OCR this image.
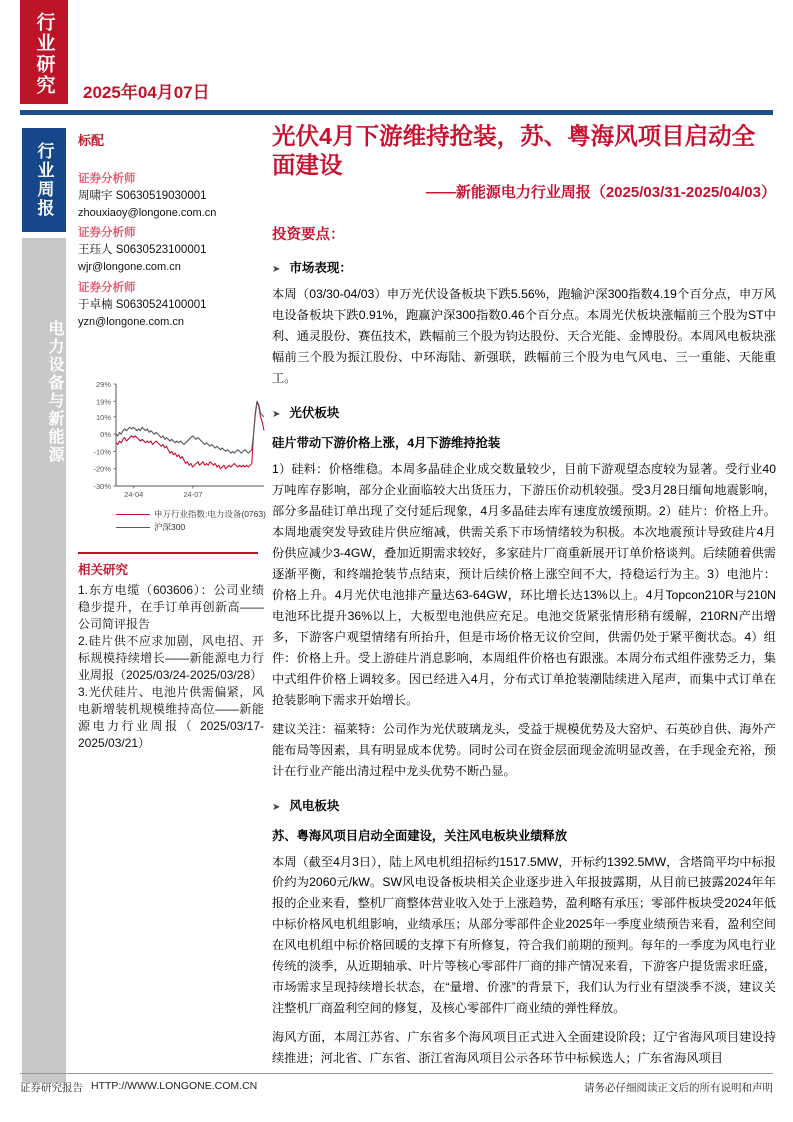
行业研究	2025年04月07日
行业周报
电力设备与新能源
标配
证券分析师
周啸宇 S0630519030001
zhouxiaoy@longone.com.cn
证券分析师
王珏人 S0630523100001
wjr@longone.com.cn
证券分析师
于卓楠 S0630524100001
yzn@longone.com.cn
29%
19%
10%
0%
-10%
-20%
-30%
24-04	24-07
申万行业指数:电力设备(0763)
沪深300
相关研究

1.东方电缆（603606）：公司业绩稳步提升，在手订单再创新高——公司简评报告

2.硅片供不应求加剧，风电招、开标规模持续增长——新能源电力行业周报（2025/03/24-2025/03/28）

3.光伏硅片、电池片供需偏紧，风电新增装机规模维持高位——新能源电力行业周报（ 2025/03/17-2025/03/21）

光伏4月下游维持抢装，苏、粤海风项目启动全面建设
——新能源电力行业周报（2025/03/31-2025/04/03）
投资要点：
➤ 市场表现：

本周（03/30-04/03）申万光伏设备板块下跌5.56%，跑输沪深300指数4.19个百分点，申万风电设备板块下跌0.91%，跑赢沪深300指数0.46个百分点。本周光伏板块涨幅前三个股为ST中利、通灵股份、赛伍技术，跌幅前三个股为钧达股份、天合光能、金博股份。本周风电板块涨幅前三个股为振江股份、中环海陆、新强联，跌幅前三个股为电气风电、三一重能、天能重工。

➤ 光伏板块
硅片带动下游价格上涨，4月下游维持抢装

1）硅料：价格维稳。本周多晶硅企业成交数量较少，目前下游观望态度较为显著。受行业40万吨库存影响，部分企业面临较大出货压力，下游压价动机较强。受3月28日缅甸地震影响，部分多晶硅订单出现了交付延后现象，4月多晶硅去库有速度放缓预期。2）硅片：价格上升。本周地震突发导致硅片供应缩减，供需关系下市场情绪较为积极。本次地震预计导致硅片4月份供应减少3-4GW，叠加近期需求较好，多家硅片厂商重新展开订单价格谈判。后续随着供需逐渐平衡，和终端抢装节点结束，预计后续价格上涨空间不大，持稳运行为主。3）电池片：价格上升。4月光伏电池排产量达63-64GW，环比增长达13%以上。4月Topcon210R与210N电池环比提升36%以上，大板型电池供应充足。电池交货紧张情形稍有缓解，210RN产出增多，下游客户观望情绪有所抬升，但是市场价格无议价空间，供需仍处于紧平衡状态。4）组件：价格上升。受上游硅片消息影响，本周组件价格也有跟涨。本周分布式组件涨势乏力，集中式组件价格上调较多。因已经进入4月，分布式订单抢装潮陆续进入尾声，而集中式订单在抢装影响下需求开始增长。

建议关注：福莱特：公司作为光伏玻璃龙头，受益于规模优势及大窑炉、石英砂自供、海外产能布局等因素，具有明显成本优势。同时公司在资金层面现金流明显改善，在手现金充裕，预计在行业产能出清过程中龙头优势不断凸显。

➤ 风电板块
苏、粤海风项目启动全面建设，关注风电板块业绩释放

本周（截至4月3日），陆上风电机组招标约1517.5MW，开标约1392.5MW，含塔筒平均中标报价约为2060元/kW。SW风电设备板块相关企业逐步进入年报披露期，从目前已披露2024年年报的企业来看，整机厂商整体营业收入处于上涨趋势，盈利略有承压；零部件板块受2024年低中标价格风电机组影响，业绩承压；从部分零部件企业2025年一季度业绩预告来看，盈利空间在风电机组中标价格回暖的支撑下有所修复，符合我们前期的预判。每年的一季度为风电行业传统的淡季，从近期轴承、叶片等核心零部件厂商的排产情况来看，下游客户提货需求旺盛，市场需求呈现持续增长状态，在“量增、价涨”的背景下，我们认为行业有望淡季不淡，建议关注整机厂商盈利空间的修复，及核心零部件厂商业绩的弹性释放。

海风方面，本周江苏省、广东省多个海风项目正式进入全面建设阶段；辽宁省海风项目建设持续推进；河北省、广东省、浙江省海风项目公示各环节中标候选人；广东省海风项目

证券研究报告 HTTP://WWW.LONGONE.COM.CN	请务必仔细阅读正文后的所有说明和声明
